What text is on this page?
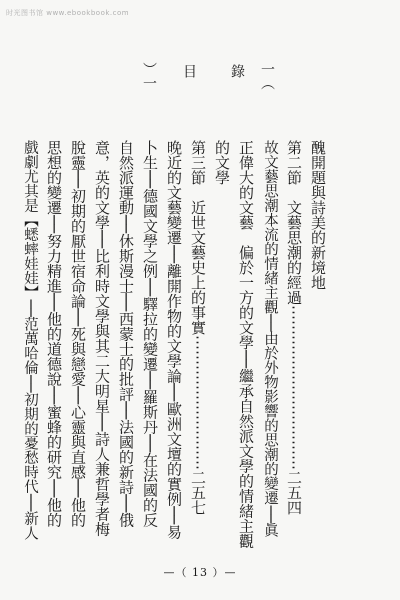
时光图书馆 www.ebookbook.com
一（
錄
目
）一
醜開題與詩美的新境地
第二節　文藝思潮的經過⋯⋯⋯⋯⋯⋯⋯⋯⋯⋯⋯二五四
故文藝思潮本流的情緒主觀──由於外物影響的思潮的變遷──眞
正偉大的文藝　偏於一方的文學──繼承自然派文學的情緒主觀
的文學
第三節　近世文藝史上的事實⋯⋯⋯⋯⋯⋯⋯⋯⋯二五七
晚近的文藝變遷──離開作物的文學論──歐洲文壇的實例──易
卜生──德國文學之例──驛拉的變遷──羅斯丹──在法國的反
自然派運動──休斯漫士──西蒙士的批評──法國的新詩──俄
意，英的文學──比利時文學與其二大明星──詩人兼哲學者梅
脫靈──初期的厭世宿命論──死與戀愛──心靈與直感──他的
思想的變遷──努力精進──他的道德說──蜜蜂的研究──他的
戲劇尤其是【蟋蟀娃娃】──范萬哈倫──初期的憂愁時代──新人
—（ 13 ）—
